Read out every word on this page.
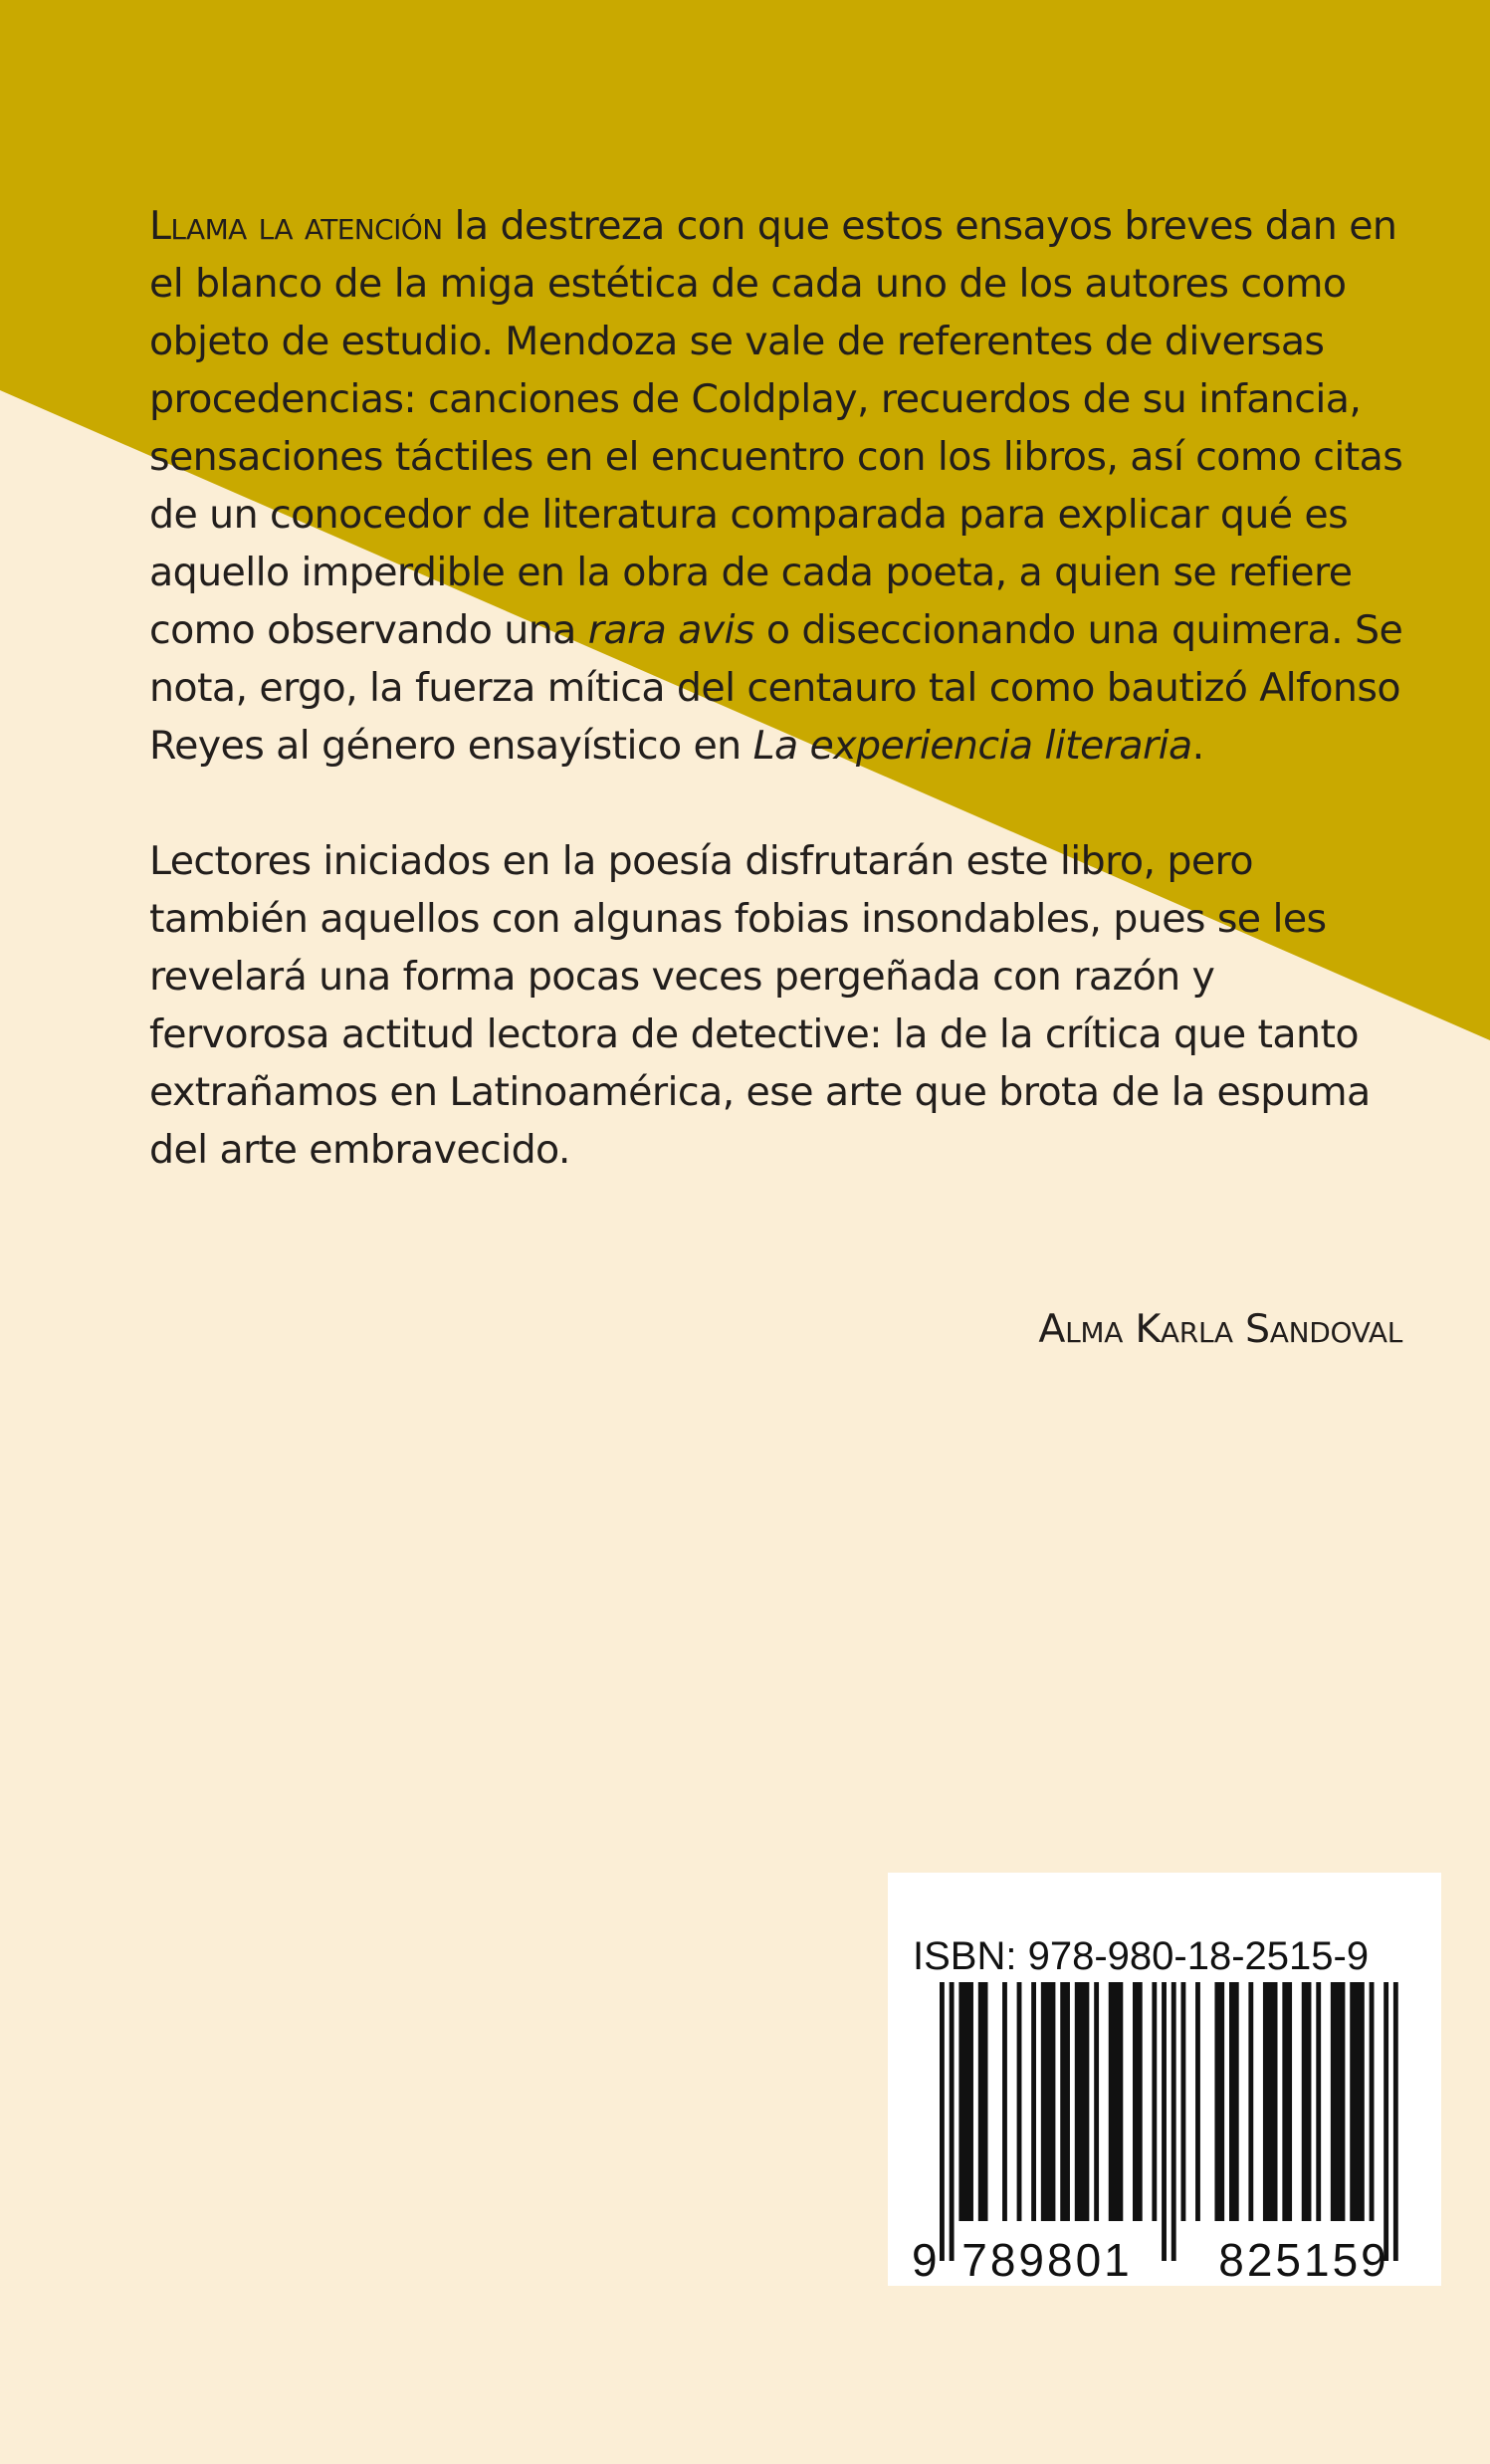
Llama la atención la destreza con que estos ensayos breves dan en el blanco de la miga estética de cada uno de los autores como objeto de estudio. Mendoza se vale de referentes de diversas procedencias: canciones de Coldplay, recuerdos de su infancia, sensaciones táctiles en el encuentro con los libros, así como citas de un conocedor de literatura comparada para explicar qué es aquello imperdible en la obra de cada poeta, a quien se refiere como observando una rara avis o diseccionando una quimera. Se nota, ergo, la fuerza mítica del centauro tal como bautizó Alfonso Reyes al género ensayístico en La experiencia literaria.

Lectores iniciados en la poesía disfrutarán este libro, pero también aquellos con algunas fobias insondables, pues se les revelará una forma pocas veces pergeñada con razón y fervorosa actitud lectora de detective: la de la crítica que tanto extrañamos en Latinoamérica, ese arte que brota de la espuma del arte embravecido.

Alma Karla Sandoval
ISBN: 978-980-18-2515-9
9 789801 825159
